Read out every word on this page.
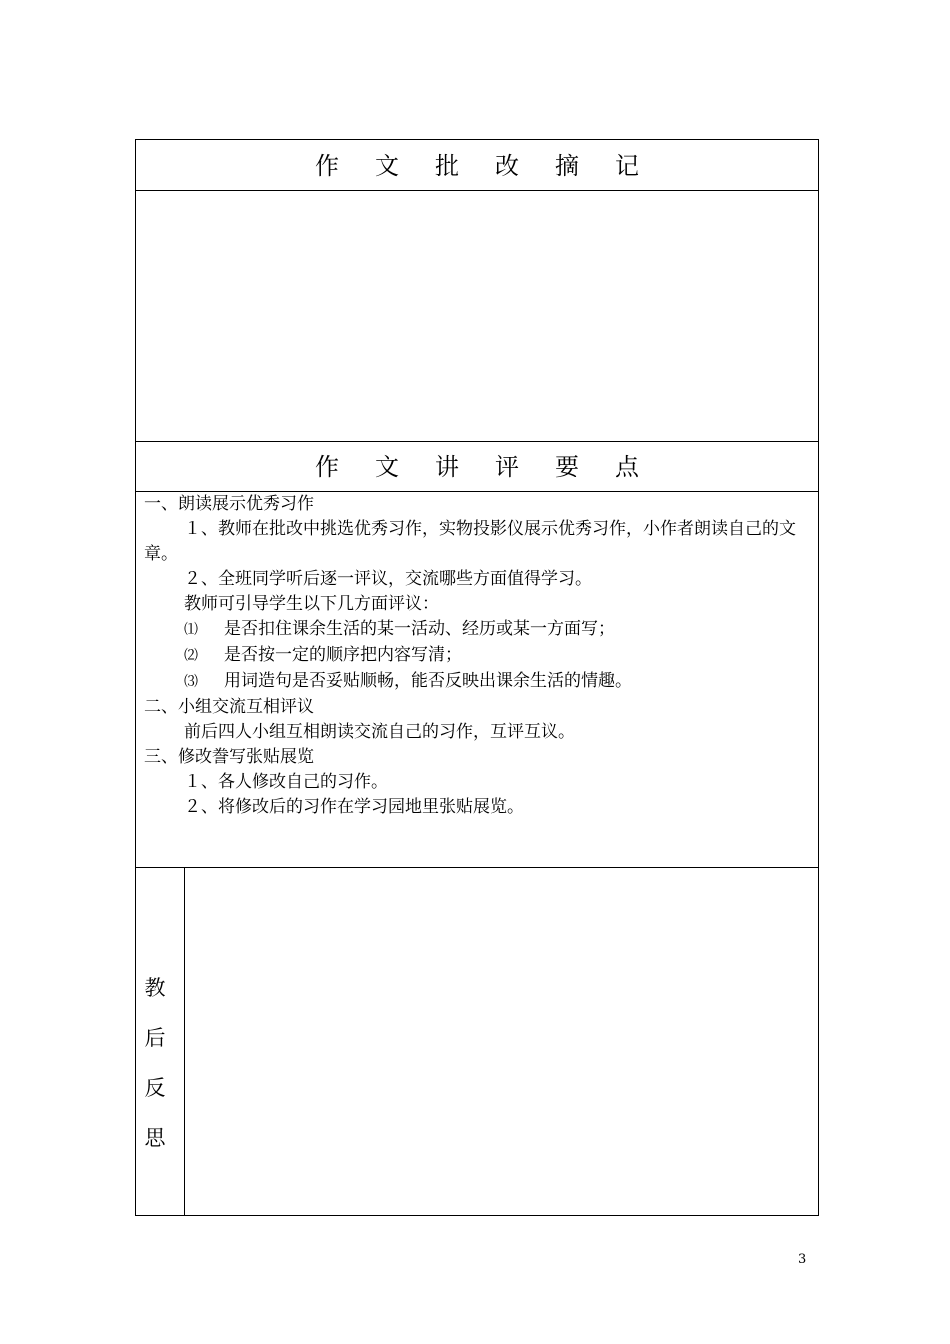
作文批改摘记
作文讲评要点
一、朗读展示优秀习作
１、教师在批改中挑选优秀习作，实物投影仪展示优秀习作，小作者朗读自己的文章。
２、全班同学听后逐一评议，交流哪些方面值得学习。
教师可引导学生以下几方面评议：
⑴ 是否扣住课余生活的某一活动、经历或某一方面写；
⑵ 是否按一定的顺序把内容写清；
⑶ 用词造句是否妥贴顺畅，能否反映出课余生活的情趣。
二、小组交流互相评议
前后四人小组互相朗读交流自己的习作，互评互议。
三、修改誊写张贴展览
１、各人修改自己的习作。
２、将修改后的习作在学习园地里张贴展览。
教
后
反
思
3
